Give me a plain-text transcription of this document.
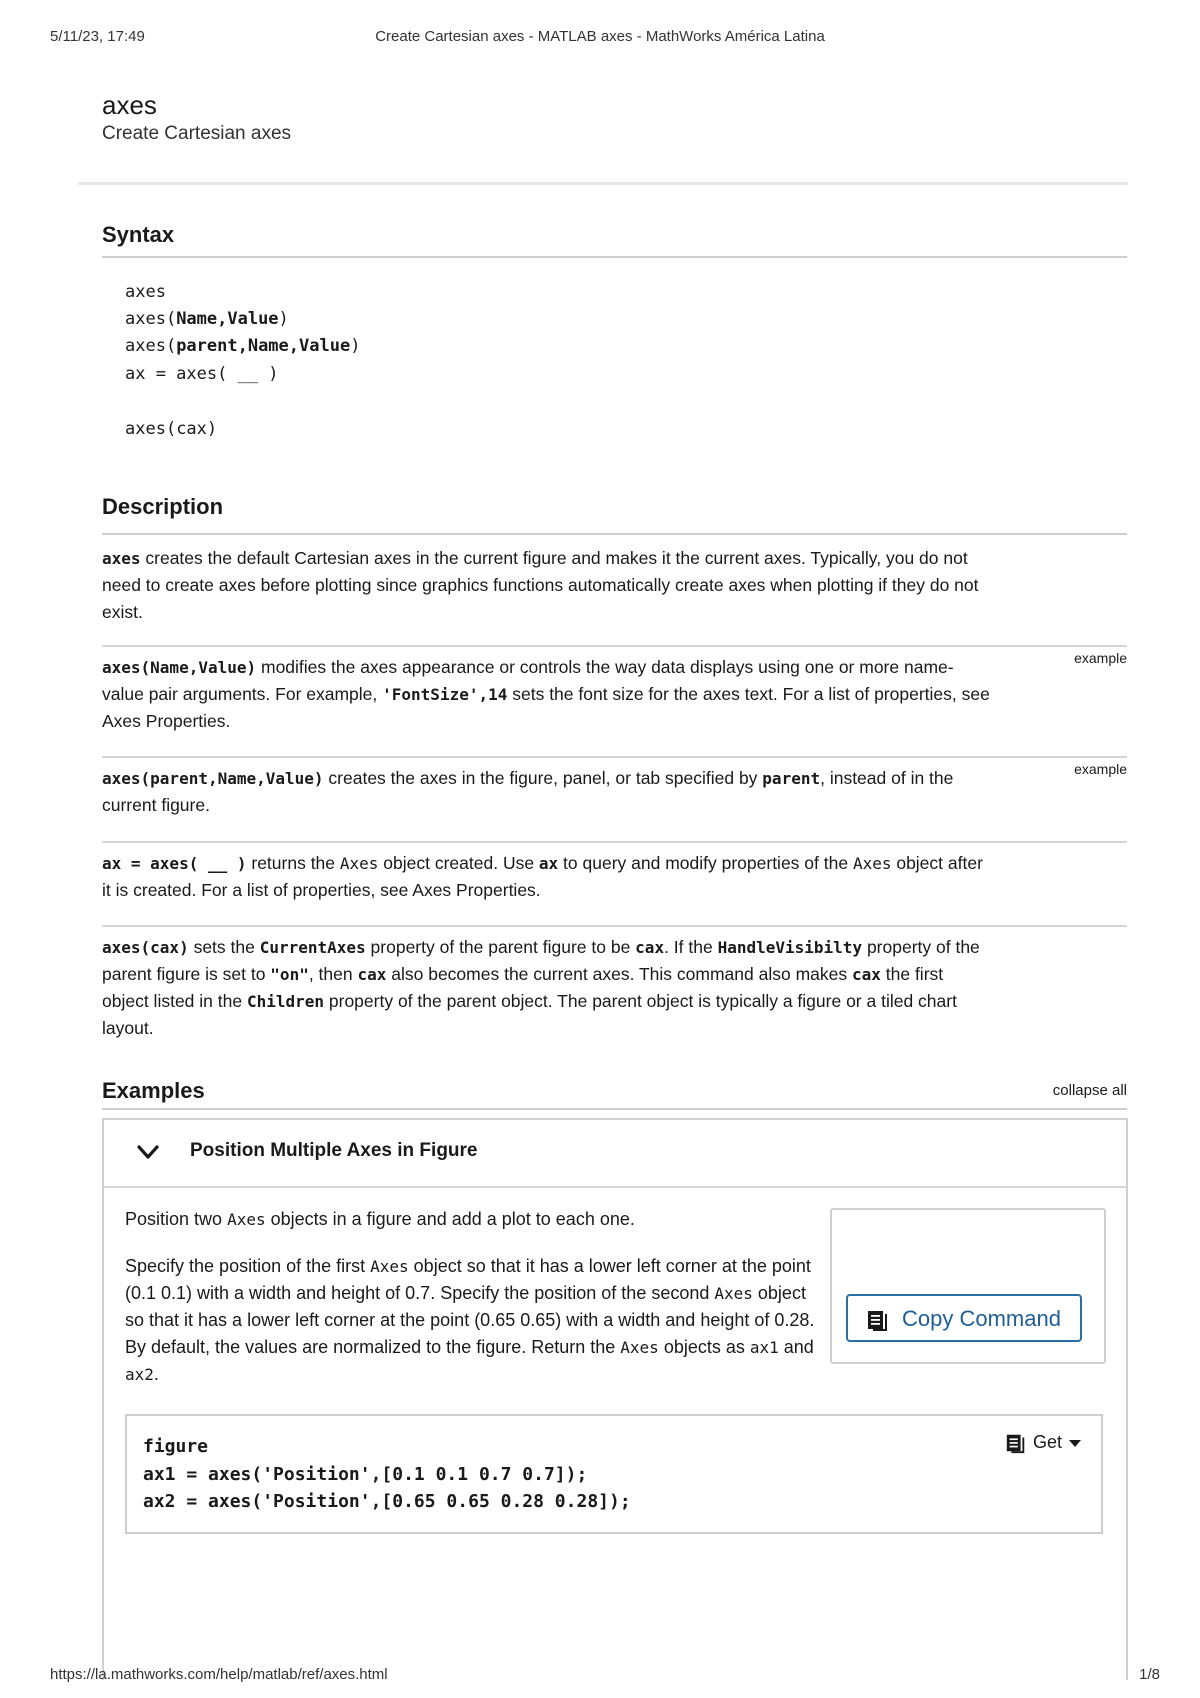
5/11/23, 17:49	Create Cartesian axes - MATLAB axes - MathWorks América Latina
axes
Create Cartesian axes
Syntax
axes
axes(Name,Value)
axes(parent,Name,Value)
ax = axes( __ )
axes(cax)
Description
axes creates the default Cartesian axes in the current figure and makes it the current axes. Typically, you do not need to create axes before plotting since graphics functions automatically create axes when plotting if they do not exist.
example
axes(Name,Value) modifies the axes appearance or controls the way data displays using one or more name-value pair arguments. For example, 'FontSize',14 sets the font size for the axes text. For a list of properties, see Axes Properties.
example
axes(parent,Name,Value) creates the axes in the figure, panel, or tab specified by parent, instead of in the current figure.
ax = axes( __ ) returns the Axes object created. Use ax to query and modify properties of the Axes object after it is created. For a list of properties, see Axes Properties.
axes(cax) sets the CurrentAxes property of the parent figure to be cax. If the HandleVisibilty property of the parent figure is set to "on", then cax also becomes the current axes. This command also makes cax the first object listed in the Children property of the parent object. The parent object is typically a figure or a tiled chart layout.
Examples	collapse all
Position Multiple Axes in Figure
Position two Axes objects in a figure and add a plot to each one.
Specify the position of the first Axes object so that it has a lower left corner at the point (0.1 0.1) with a width and height of 0.7. Specify the position of the second Axes object so that it has a lower left corner at the point (0.65 0.65) with a width and height of 0.28. By default, the values are normalized to the figure. Return the Axes objects as ax1 and ax2.
Copy Command
figure
ax1 = axes('Position',[0.1 0.1 0.7 0.7]);
ax2 = axes('Position',[0.65 0.65 0.28 0.28]);
Get
https://la.mathworks.com/help/matlab/ref/axes.html	1/8
